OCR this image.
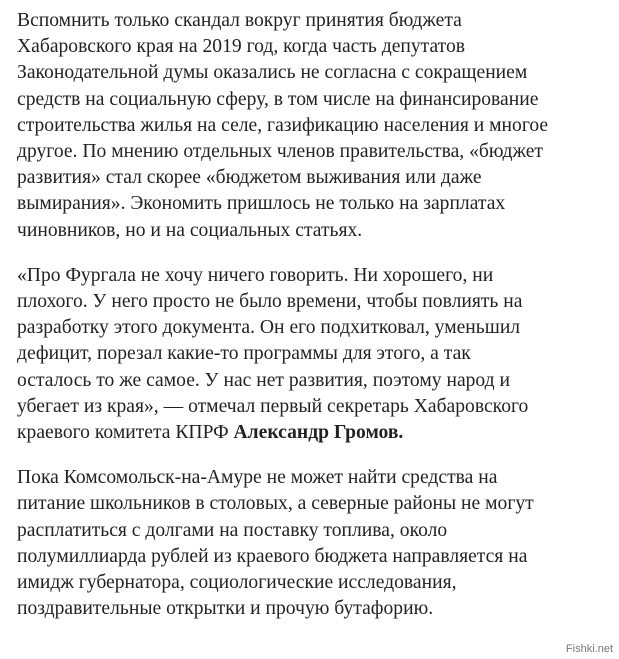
Вспомнить только скандал вокруг принятия бюджета
Хабаровского края на 2019 год, когда часть депутатов
Законодательной думы оказались не согласна с сокращением
средств на социальную сферу, в том числе на финансирование
строительства жилья на селе, газификацию населения и многое
другое. По мнению отдельных членов правительства, «бюджет
развития» стал скорее «бюджетом выживания или даже
вымирания». Экономить пришлось не только на зарплатах
чиновников, но и на социальных статьях.

«Про Фургала не хочу ничего говорить. Ни хорошего, ни
плохого. У него просто не было времени, чтобы повлиять на
разработку этого документа. Он его подхитковал, уменьшил
дефицит, порезал какие-то программы для этого, а так
осталось то же самое. У нас нет развития, поэтому народ и
убегает из края», — отмечал первый секретарь Хабаровского
краевого комитета КПРФ Александр Громов.

Пока Комсомольск-на-Амуре не может найти средства на
питание школьников в столовых, а северные районы не могут
расплатиться с долгами на поставку топлива, около
полумиллиарда рублей из краевого бюджета направляется на
имидж губернатора, социологические исследования,
поздравительные открытки и прочую бутафорию.

Fishki.net
